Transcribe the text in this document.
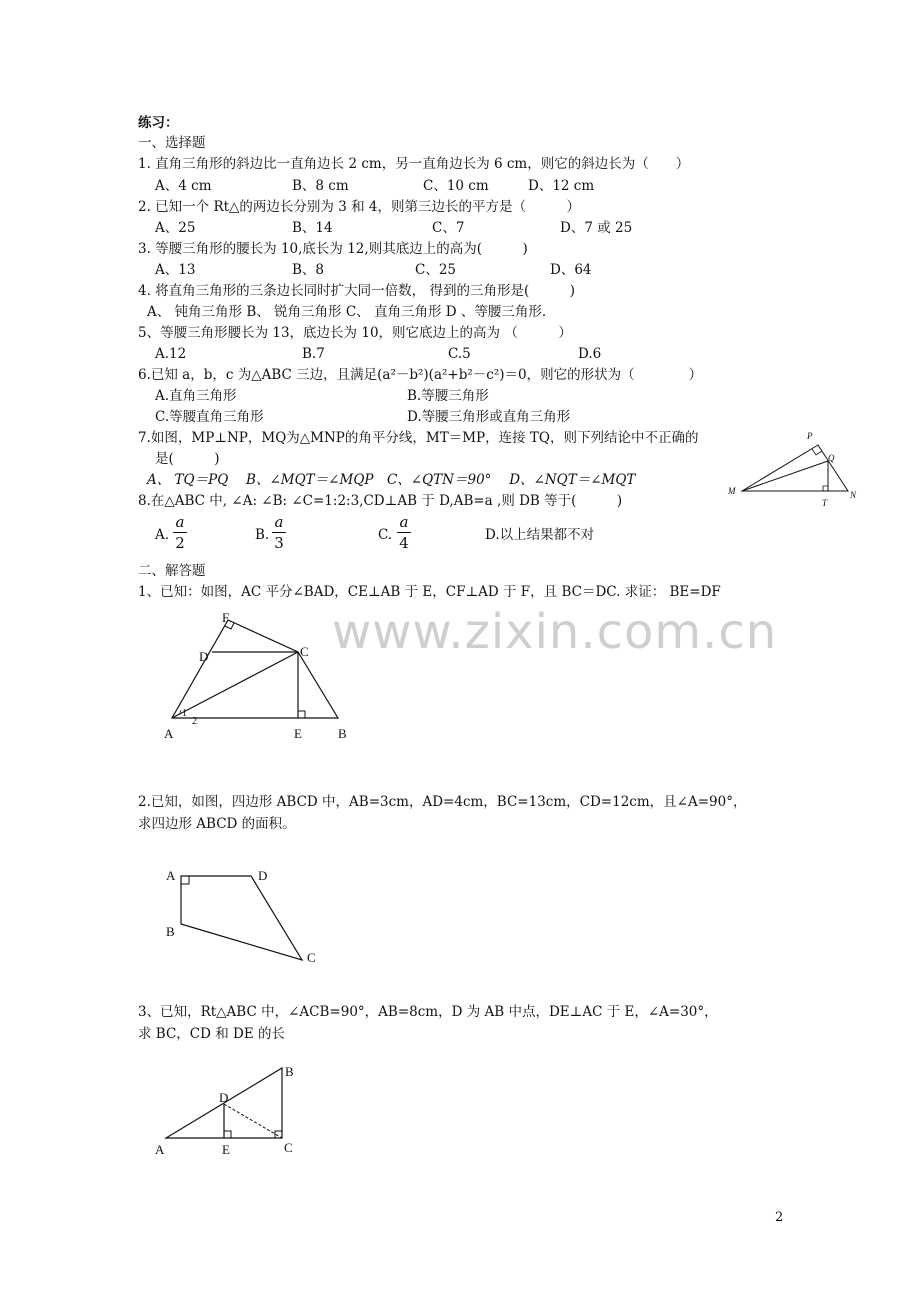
练习：
一、选择题
1. 直角三角形的斜边比一直角边长 2 cm，另一直角边长为 6 cm，则它的斜边长为（　　）
A、4 cm	B、8 cm	C、10 cm	D、12 cm
2. 已知一个 Rt△的两边长分别为 3 和 4，则第三边长的平方是（　　　）
A、25	B、14	C、7	D、7 或 25
3. 等腰三角形的腰长为 10,底长为 12,则其底边上的高为(　　　)
A、13	B、8	C、25	D、64
4. 将直角三角形的三条边长同时扩大同一倍数， 得到的三角形是(　　　)
A、 钝角三角形 B、 锐角三角形 C、 直角三角形 D 、等腰三角形.
5、等腰三角形腰长为 13，底边长为 10，则它底边上的高为 （　　　）
A.12	B.7	C.5	D.6
6.已知 a，b，c 为△ABC 三边，且满足(a²－b²)(a²+b²－c²)＝0，则它的形状为（　　　　）
A.直角三角形	B.等腰三角形
C.等腰直角三角形	D.等腰三角形或直角三角形
7.如图，MP⊥NP，MQ为△MNP的角平分线，MT＝MP，连接 TQ，则下列结论中不正确的
是(　　　)
A、 TQ＝PQ　 B、∠MQT＝∠MQP　C、∠QTN＝90°　 D、∠NQT＝∠MQT
P
Q
M	N
T
8.在△ABC 中, ∠A: ∠B: ∠C=1:2:3,CD⊥AB 于 D,AB=a ,则 DB 等于(　　　)
A.
a
2	B.
a
3	C.
a
4	D.以上结果都不对
二、解答题
1、已知：如图，AC 平分∠BAD，CE⊥AB 于 E，CF⊥AD 于 F，且 BC＝DC. 求证： BE=DF
www.zixin.com.cn
F
D	C
1
2
A	E	B
2.已知，如图，四边形 ABCD 中，AB=3cm，AD=4cm，BC=13cm，CD=12cm，且∠A=90°，
求四边形 ABCD 的面积。
A	D
B
C
3、已知，Rt△ABC 中，∠ACB=90°，AB=8cm，D 为 AB 中点，DE⊥AC 于 E，∠A=30°，
求 BC，CD 和 DE 的长
B
D
A	E	C
2
